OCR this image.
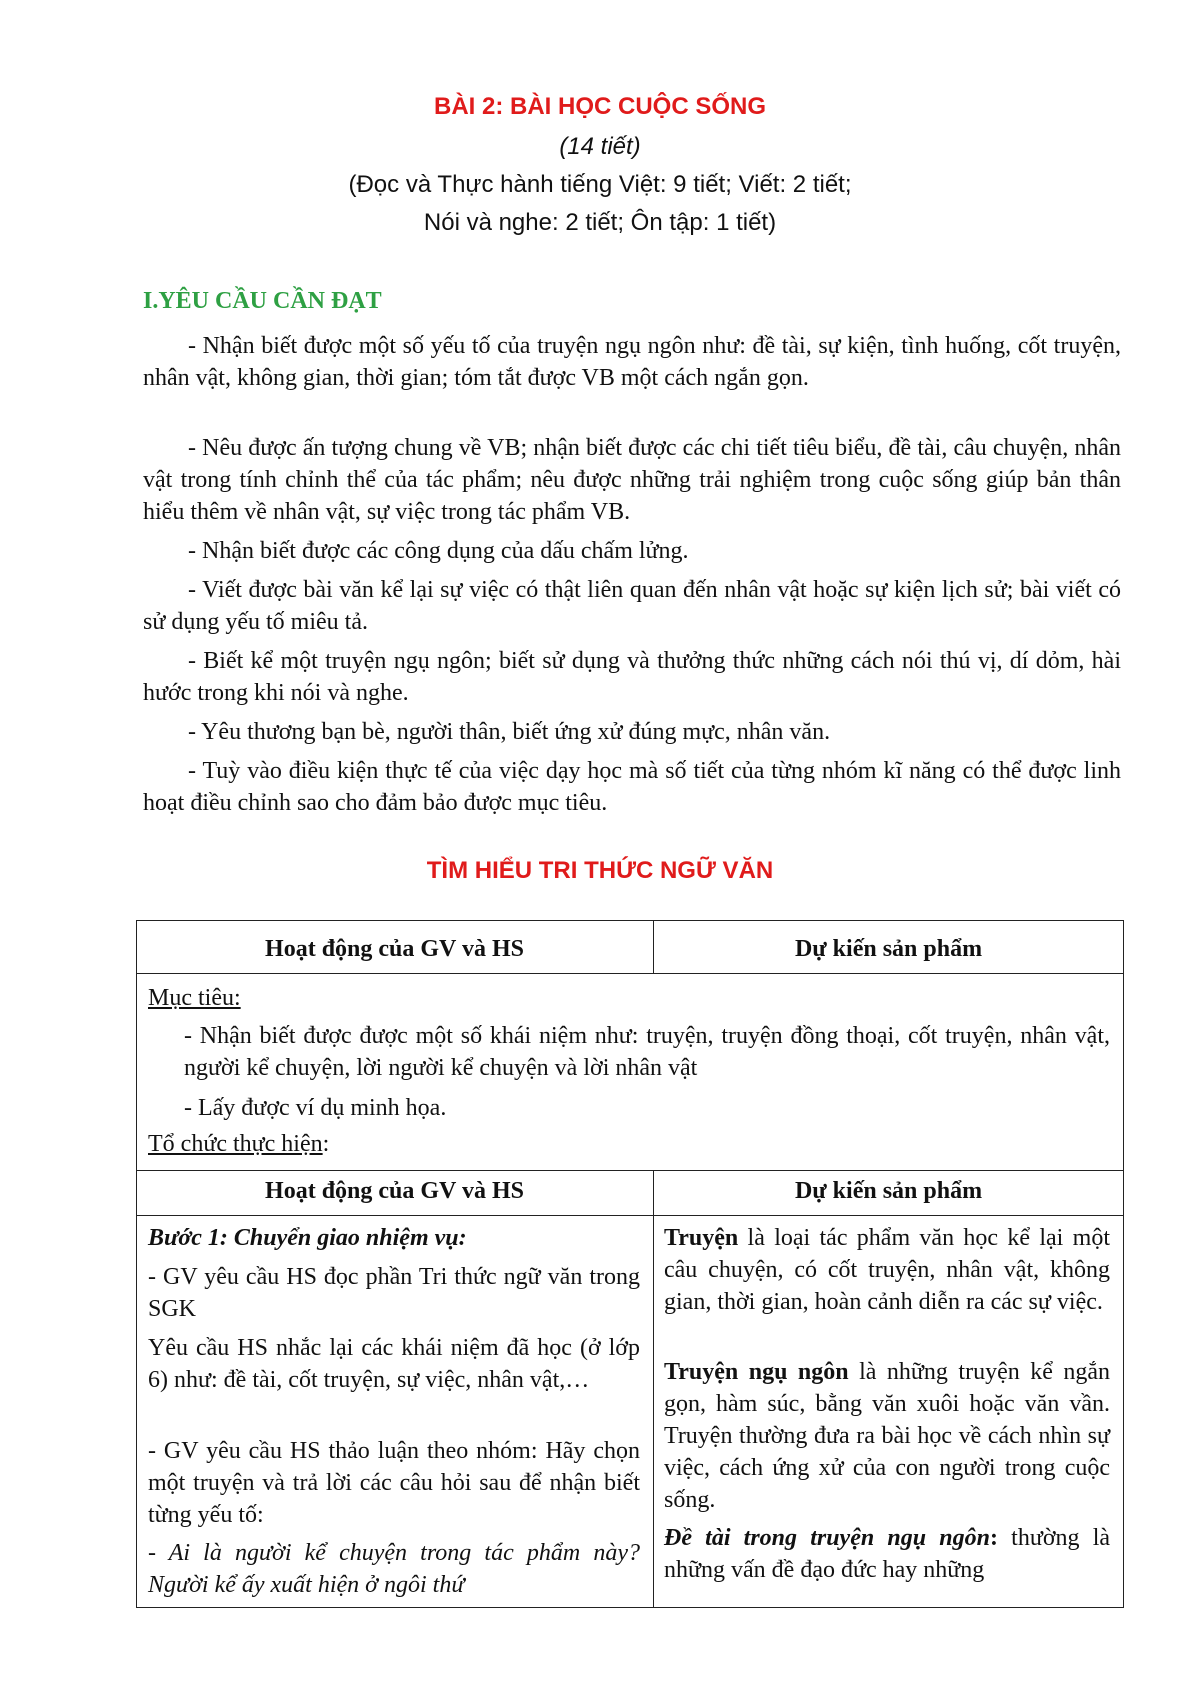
BÀI 2: BÀI HỌC CUỘC SỐNG
(14 tiết)
(Đọc và Thực hành tiếng Việt: 9 tiết; Viết: 2 tiết;
Nói và nghe: 2 tiết; Ôn tập: 1 tiết)
I.YÊU CẦU CẦN ĐẠT
- Nhận biết được một số yếu tố của truyện ngụ ngôn như: đề tài, sự kiện, tình huống, cốt truyện, nhân vật, không gian, thời gian; tóm tắt được VB một cách ngắn gọn.
- Nêu được ấn tượng chung về VB; nhận biết được các chi tiết tiêu biểu, đề tài, câu chuyện, nhân vật trong tính chỉnh thể của tác phẩm; nêu được những trải nghiệm trong cuộc sống giúp bản thân hiểu thêm về nhân vật, sự việc trong tác phẩm VB.
- Nhận biết được các công dụng của dấu chấm lửng.
- Viết được bài văn kể lại sự việc có thật liên quan đến nhân vật hoặc sự kiện lịch sử; bài viết có sử dụng yếu tố miêu tả.
- Biết kể một truyện ngụ ngôn; biết sử dụng và thưởng thức những cách nói thú vị, dí dỏm, hài hước trong khi nói và nghe.
- Yêu thương bạn bè, người thân, biết ứng xử đúng mực, nhân văn.
- Tuỳ vào điều kiện thực tế của việc dạy học mà số tiết của từng nhóm kĩ năng có thể được linh hoạt điều chỉnh sao cho đảm bảo được mục tiêu.
TÌM HIỂU TRI THỨC NGỮ VĂN
Hoạt động của GV và HS	Dự kiến sản phẩm
Mục tiêu:
- Nhận biết được được một số khái niệm như: truyện, truyện đồng thoại, cốt truyện, nhân vật, người kể chuyện, lời người kể chuyện và lời nhân vật
- Lấy được ví dụ minh họa.
Tổ chức thực hiện:
Hoạt động của GV và HS	Dự kiến sản phẩm
Bước 1: Chuyển giao nhiệm vụ:
- GV yêu cầu HS đọc phần Tri thức ngữ văn trong SGK
Yêu cầu HS nhắc lại các khái niệm đã học (ở lớp 6) như: đề tài, cốt truyện, sự việc, nhân vật,…
- GV yêu cầu HS thảo luận theo nhóm: Hãy chọn một truyện và trả lời các câu hỏi sau để nhận biết từng yếu tố:
- Ai là người kể chuyện trong tác phẩm này? Người kể ấy xuất hiện ở ngôi thứ
Truyện là loại tác phẩm văn học kể lại một câu chuyện, có cốt truyện, nhân vật, không gian, thời gian, hoàn cảnh diễn ra các sự việc.
Truyện ngụ ngôn là những truyện kể ngắn gọn, hàm súc, bằng văn xuôi hoặc văn vần. Truyện thường đưa ra bài học về cách nhìn sự việc, cách ứng xử của con người trong cuộc sống.
Đề tài trong truyện ngụ ngôn: thường là những vấn đề đạo đức hay những
